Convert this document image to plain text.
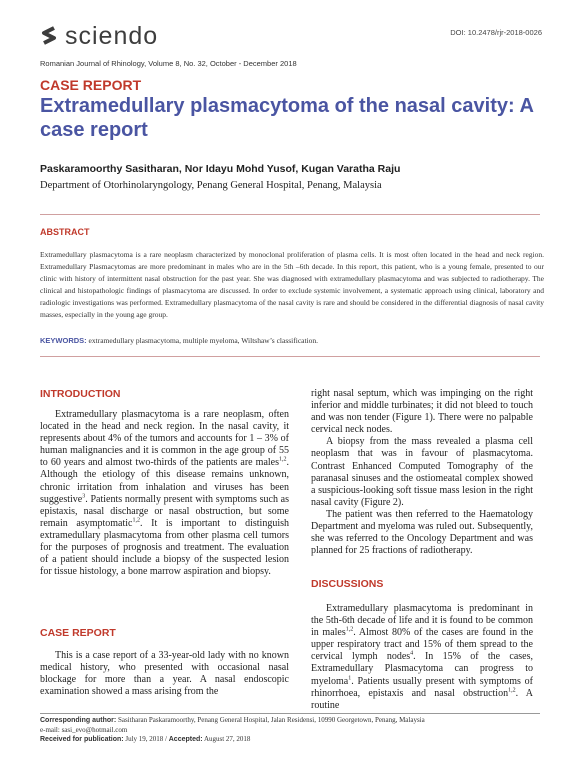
sciendo	DOI: 10.2478/rjr-2018-0026
Romanian Journal of Rhinology, Volume 8, No. 32, October - December 2018
CASE REPORT
Extramedullary plasmacytoma of the nasal cavity: A case report
Paskaramoorthy Sasitharan, Nor Idayu Mohd Yusof, Kugan Varatha Raju
Department of Otorhinolaryngology, Penang General Hospital, Penang, Malaysia
ABSTRACT
Extramedullary plasmacytoma is a rare neoplasm characterized by monoclonal proliferation of plasma cells. It is most often located in the head and neck region. Extramedullary Plasmacytomas are more predominant in males who are in the 5th –6th decade. In this report, this patient, who is a young female, presented to our clinic with history of intermittent nasal obstruction for the past year. She was diagnosed with extramedullary plasmacytoma and was subjected to radiotherapy. The clinical and histopathologic findings of plasmacytoma are discussed. In order to exclude systemic involvement, a systematic approach using clinical, laboratory and radiologic investigations was performed. Extramedullary plasmacytoma of the nasal cavity is rare and should be considered in the differential diagnosis of nasal cavity masses, especially in the young age group.
KEYWORDS: extramedullary plasmacytoma, multiple myeloma, Wiltshaw’s classification.
INTRODUCTION

Extramedullary plasmacytoma is a rare neoplasm, often located in the head and neck region. In the nasal cavity, it represents about 4% of the tumors and accounts for 1 – 3% of human malignancies and it is common in the age group of 55 to 60 years and almost two-thirds of the patients are males$^{1,2}$. Although the etiology of this disease remains unknown, chronic irritation from inhalation and viruses has been suggestive$^3$. Patients normally present with symptoms such as epistaxis, nasal discharge or nasal obstruction, but some remain asymptomatic$^{1,2}$. It is important to distinguish extramedullary plasmacytoma from other plasma cell tumors for the purposes of prognosis and treatment. The evaluation of a patient should include a biopsy of the suspected lesion for tissue histology, a bone marrow aspiration and biopsy.

CASE REPORT

This is a case report of a 33-year-old lady with no known medical history, who presented with occasional nasal blockage for more than a year. A nasal endoscopic examination showed a mass arising from the

right nasal septum, which was impinging on the right inferior and middle turbinates; it did not bleed to touch and was non tender (Figure 1). There were no palpable cervical neck nodes.

A biopsy from the mass revealed a plasma cell neoplasm that was in favour of plasmacytoma. Contrast Enhanced Computed Tomography of the paranasal sinuses and the ostiomeatal complex showed a suspicious-looking soft tissue mass lesion in the right nasal cavity (Figure 2).

The patient was then referred to the Haematology Department and myeloma was ruled out. Subsequently, she was referred to the Oncology Department and was planned for 25 fractions of radiotherapy.

DISCUSSIONS

Extramedullary plasmacytoma is predominant in the 5th-6th decade of life and it is found to be common in males$^{1,2}$. Almost 80% of the cases are found in the upper respiratory tract and 15% of them spread to the cervical lymph nodes$^4$. In 15% of the cases, Extramedullary Plasmacytoma can progress to myeloma$^1$. Patients usually present with symptoms of rhinorrhoea, epistaxis and nasal obstruction$^{1,2}$. A routine

Corresponding author: Sasitharan Paskaramoorthy, Penang General Hospital, Jalan Residensi, 10990 Georgetown, Penang, Malaysia
e-mail: sasi_evo@hotmail.com
Received for publication: July 19, 2018 / Accepted: August 27, 2018
